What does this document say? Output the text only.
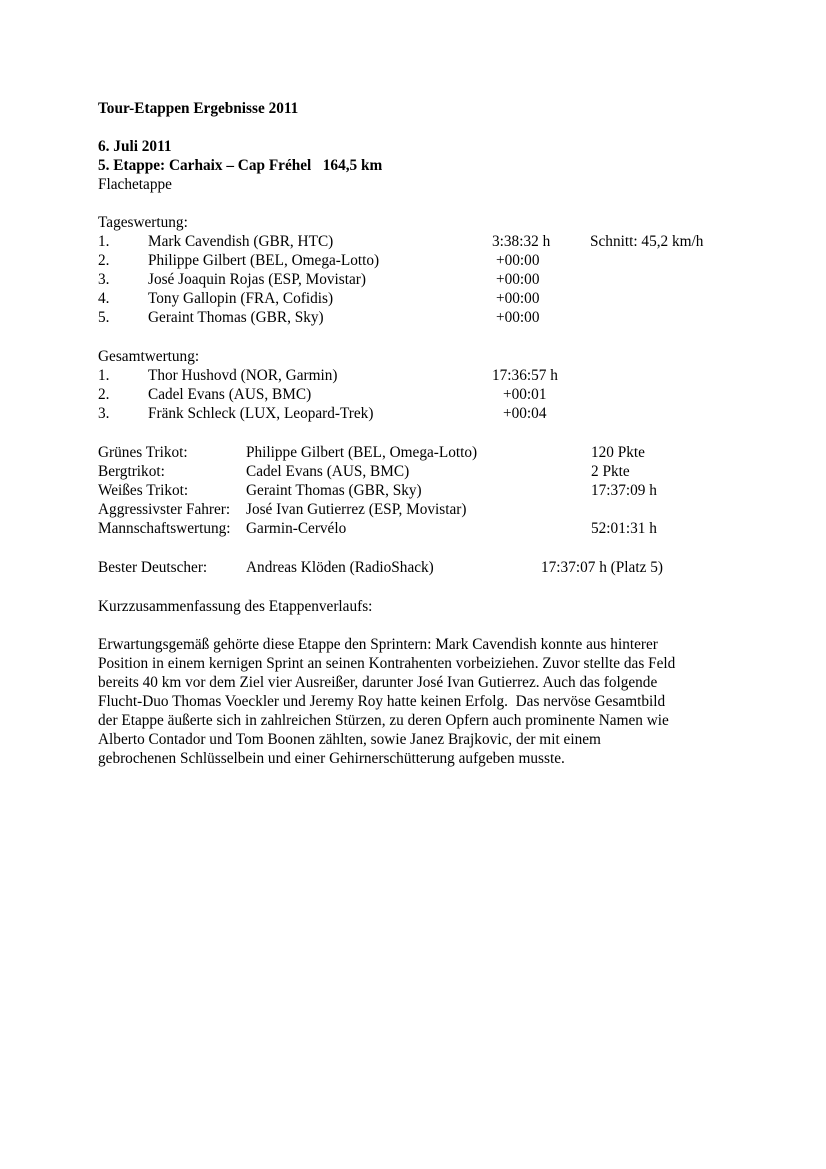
Tour-Etappen Ergebnisse 2011
6. Juli 2011
5. Etappe: Carhaix – Cap Fréhel   164,5 km
Flachetappe
Tageswertung:
1.	Mark Cavendish (GBR, HTC)	3:38:32 h	Schnitt: 45,2 km/h
2.	Philippe Gilbert (BEL, Omega-Lotto)	+00:00
3.	José Joaquin Rojas (ESP, Movistar)	+00:00
4.	Tony Gallopin (FRA, Cofidis)	+00:00
5.	Geraint Thomas (GBR, Sky)	+00:00
Gesamtwertung:
1.	Thor Hushovd (NOR, Garmin)	17:36:57 h
2.	Cadel Evans (AUS, BMC)	+00:01
3.	Fränk Schleck (LUX, Leopard-Trek)	+00:04
Grünes Trikot:	Philippe Gilbert (BEL, Omega-Lotto)	120 Pkte
Bergtrikot:	Cadel Evans (AUS, BMC)	2 Pkte
Weißes Trikot:	Geraint Thomas (GBR, Sky)	17:37:09 h
Aggressivster Fahrer: José Ivan Gutierrez (ESP, Movistar)
Mannschaftswertung: Garmin-Cervélo	52:01:31 h
Bester Deutscher:	Andreas Klöden (RadioShack)	17:37:07 h (Platz 5)
Kurzzusammenfassung des Etappenverlaufs:
Erwartungsgemäß gehörte diese Etappe den Sprintern: Mark Cavendish konnte aus hinterer
Position in einem kernigen Sprint an seinen Kontrahenten vorbeiziehen. Zuvor stellte das Feld
bereits 40 km vor dem Ziel vier Ausreißer, darunter José Ivan Gutierrez. Auch das folgende
Flucht-Duo Thomas Voeckler und Jeremy Roy hatte keinen Erfolg.  Das nervöse Gesamtbild
der Etappe äußerte sich in zahlreichen Stürzen, zu deren Opfern auch prominente Namen wie
Alberto Contador und Tom Boonen zählten, sowie Janez Brajkovic, der mit einem
gebrochenen Schlüsselbein und einer Gehirnerschütterung aufgeben musste.
